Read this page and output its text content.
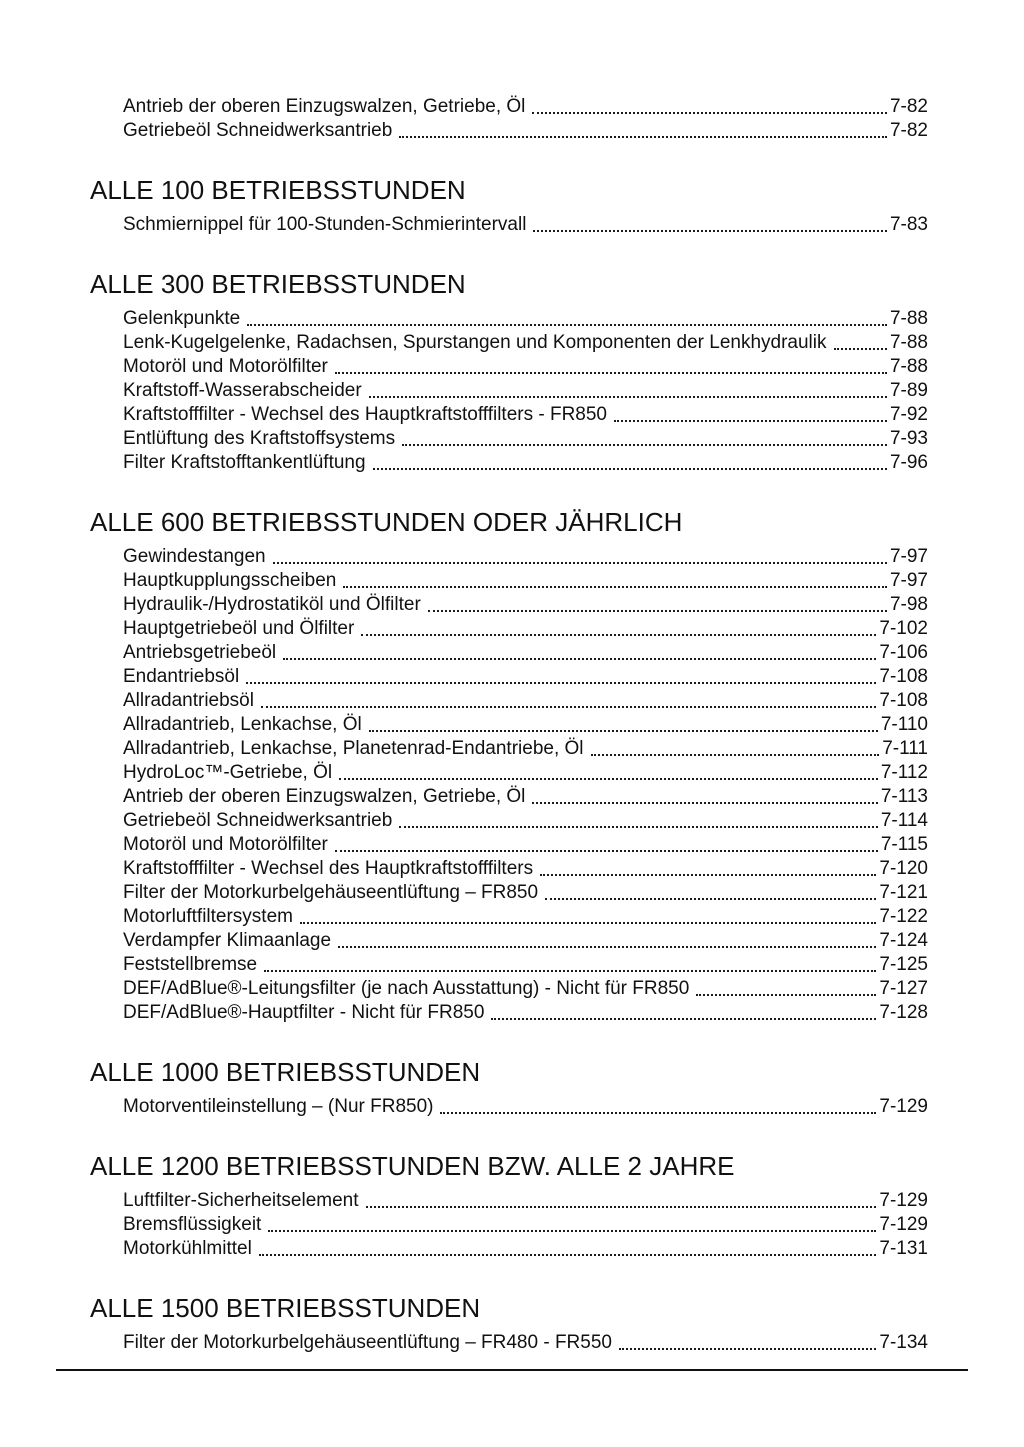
Antrieb der oberen Einzugswalzen, Getriebe, Öl	7-82
Getriebeöl Schneidwerksantrieb	7-82
ALLE 100 BETRIEBSSTUNDEN
Schmiernippel für 100-Stunden-Schmierintervall	7-83
ALLE 300 BETRIEBSSTUNDEN
Gelenkpunkte	7-88
Lenk-Kugelgelenke, Radachsen, Spurstangen und Komponenten der Lenkhydraulik	7-88
Motoröl und Motorölfilter	7-88
Kraftstoff-Wasserabscheider	7-89
Kraftstofffilter - Wechsel des Hauptkraftstofffilters - FR850	7-92
Entlüftung des Kraftstoffsystems	7-93
Filter Kraftstofftankentlüftung	7-96
ALLE 600 BETRIEBSSTUNDEN ODER JÄHRLICH
Gewindestangen	7-97
Hauptkupplungsscheiben	7-97
Hydraulik-/Hydrostatiköl und Ölfilter	7-98
Hauptgetriebeöl und Ölfilter	7-102
Antriebsgetriebeöl	7-106
Endantriebsöl	7-108
Allradantriebsöl	7-108
Allradantrieb, Lenkachse, Öl	7-110
Allradantrieb, Lenkachse, Planetenrad-Endantriebe, Öl	7-111
HydroLoc™-Getriebe, Öl	7-112
Antrieb der oberen Einzugswalzen, Getriebe, Öl	7-113
Getriebeöl Schneidwerksantrieb	7-114
Motoröl und Motorölfilter	7-115
Kraftstofffilter - Wechsel des Hauptkraftstofffilters	7-120
Filter der Motorkurbelgehäuseentlüftung – FR850	7-121
Motorluftfiltersystem	7-122
Verdampfer Klimaanlage	7-124
Feststellbremse	7-125
DEF/AdBlue®-Leitungsfilter (je nach Ausstattung) - Nicht für FR850	7-127
DEF/AdBlue®-Hauptfilter - Nicht für FR850	7-128
ALLE 1000 BETRIEBSSTUNDEN
Motorventileinstellung – (Nur FR850)	7-129
ALLE 1200 BETRIEBSSTUNDEN BZW. ALLE 2 JAHRE
Luftfilter-Sicherheitselement	7-129
Bremsflüssigkeit	7-129
Motorkühlmittel	7-131
ALLE 1500 BETRIEBSSTUNDEN
Filter der Motorkurbelgehäuseentlüftung – FR480 - FR550	7-134
